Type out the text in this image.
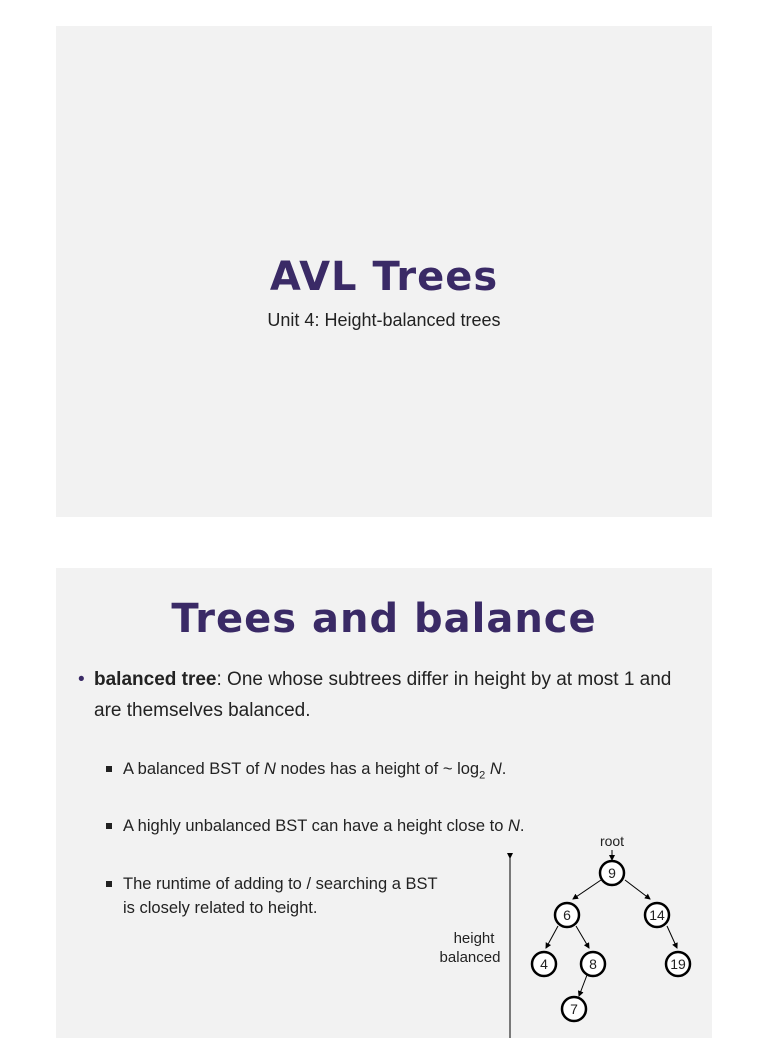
AVL Trees
Unit 4: Height-balanced trees
Trees and balance
• balanced tree: One whose subtrees differ in height by at most 1 and are themselves balanced.
A balanced BST of N nodes has a height of ~ $\log_2 N$.
A highly unbalanced BST can have a height close to N.
The runtime of adding to / searching a BST is closely related to height.
root
height
balanced
9
6	14
4	8	19
7
